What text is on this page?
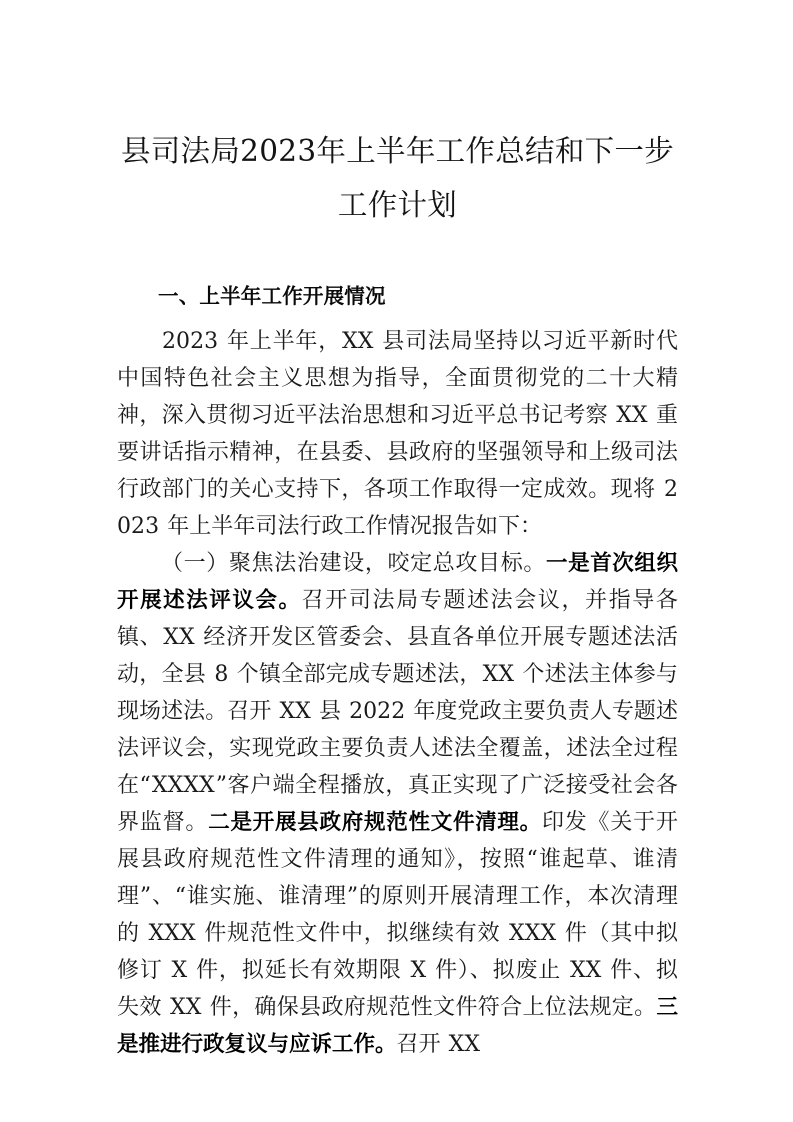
县司法局2023年上半年工作总结和下一步工作计划
一、上半年工作开展情况

2023 年上半年，XX 县司法局坚持以习近平新时代中国特色社会主义思想为指导，全面贯彻党的二十大精神，深入贯彻习近平法治思想和习近平总书记考察 XX 重要讲话指示精神，在县委、县政府的坚强领导和上级司法行政部门的关心支持下，各项工作取得一定成效。现将 2023 年上半年司法行政工作情况报告如下：

（一）聚焦法治建设，咬定总攻目标。一是首次组织开展述法评议会。召开司法局专题述法会议，并指导各镇、XX 经济开发区管委会、县直各单位开展专题述法活动，全县 8 个镇全部完成专题述法，XX 个述法主体参与现场述法。召开 XX 县 2022 年度党政主要负责人专题述法评议会，实现党政主要负责人述法全覆盖，述法全过程在“XXXX”客户端全程播放，真正实现了广泛接受社会各界监督。二是开展县政府规范性文件清理。印发《关于开展县政府规范性文件清理的通知》，按照“谁起草、谁清理”、“谁实施、谁清理”的原则开展清理工作，本次清理的 XXX 件规范性文件中，拟继续有效 XXX 件（其中拟修订 X 件，拟延长有效期限 X 件）、拟废止 XX 件、拟失效 XX 件，确保县政府规范性文件符合上位法规定。三是推进行政复议与应诉工作。召开 XX
